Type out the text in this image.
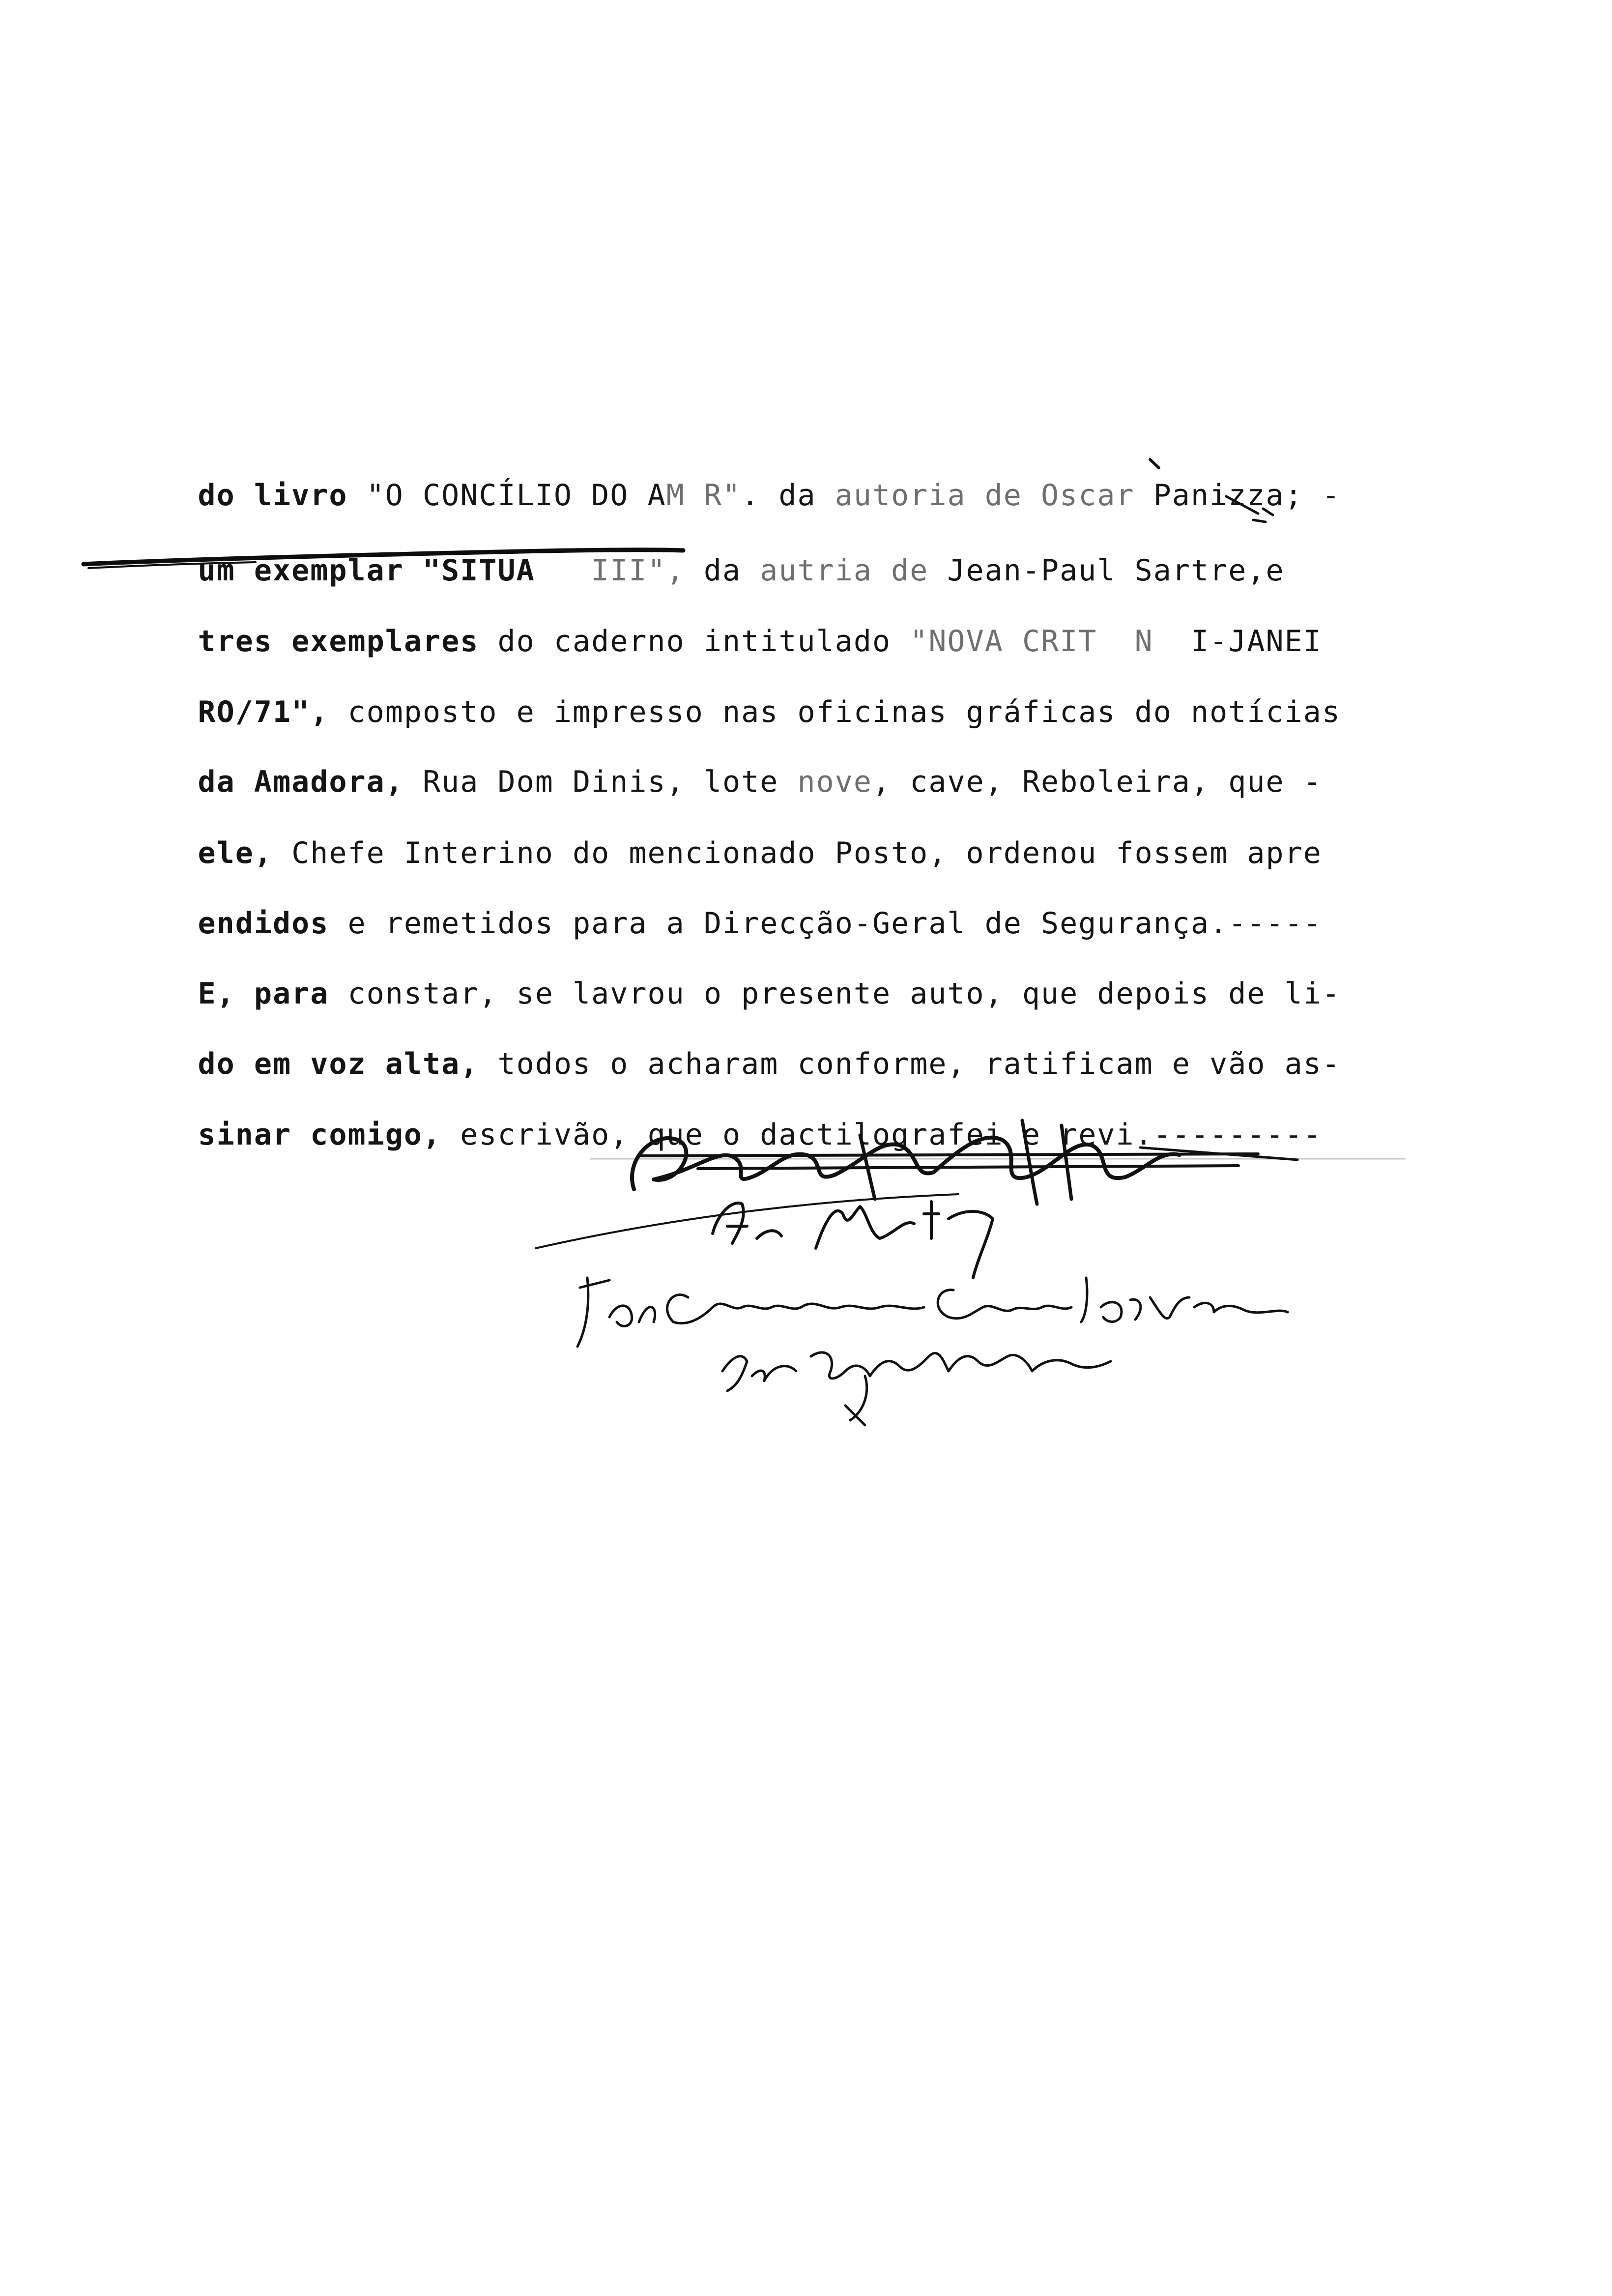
do livro "O CONCÍLIO DO AM R". da autoria de Oscar Panizza; -

um exemplar "SITUA   III", da autria de Jean-Paul Sartre,e

tres exemplares do caderno intitulado "NOVA CRIT  N  I-JANEI

RO/71", composto e impresso nas oficinas gráficas do notícias

da Amadora, Rua Dom Dinis, lote nove, cave, Reboleira, que -

ele, Chefe Interino do mencionado Posto, ordenou fossem apre

endidos e remetidos para a Direcção-Geral de Segurança.-----

E, para constar, se lavrou o presente auto, que depois de li-

do em voz alta, todos o acharam conforme, ratificam e vão as-

sinar comigo, escrivão, que o dactilografei e revi.---------
